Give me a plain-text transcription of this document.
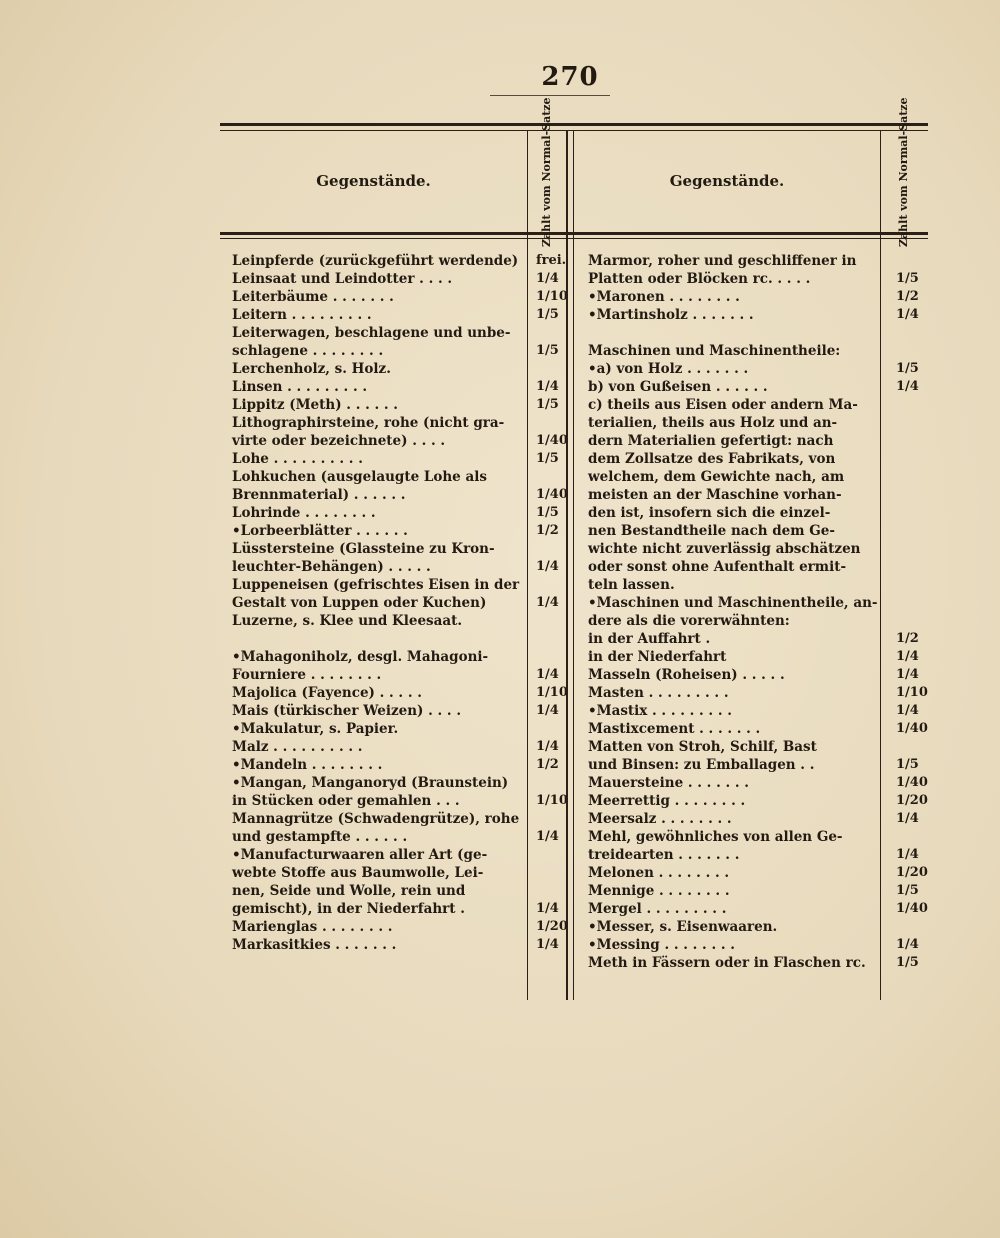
270
Gegenstände.	Zahlt vom Normal-Satze	Gegenstände.	Zahlt vom Normal-Satze
Leinpferde (zurückgeführt werdende) frei.
Leinsaat und Leindotter . . . .	1/4
Leiterbäume . . . . . . .	1/10
Leitern . . . . . . . . .	1/5
Leiterwagen, beschlagene und unbe-
schlagene . . . . . . . .	1/5
Lerchenholz, s. Holz.
Linsen . . . . . . . . .	1/4
Lippitz (Meth) . . . . . .	1/5
Lithographirsteine, rohe (nicht gra-
virte oder bezeichnete) . . . .	1/40
Lohe . . . . . . . . . .	1/5
Lohkuchen (ausgelaugte Lohe als
Brennmaterial) . . . . . .	1/40
Lohrinde . . . . . . . .	1/5
•Lorbeerblätter . . . . . .	1/2
Lüsstersteine (Glassteine zu Kron-
leuchter-Behängen) . . . . .	1/4
Luppeneisen (gefrischtes Eisen in der
Gestalt von Luppen oder Kuchen)	1/4
Luzerne, s. Klee und Kleesaat.
•Mahagoniholz, desgl. Mahagoni-
Fourniere . . . . . . . .	1/4
Majolica (Fayence) . . . . .	1/10
Mais (türkischer Weizen) . . . .	1/4
•Makulatur, s. Papier.
Malz . . . . . . . . . .	1/4
•Mandeln . . . . . . . .	1/2
•Mangan, Manganoryd (Braunstein)
in Stücken oder gemahlen . . .	1/10
Mannagrütze (Schwadengrütze), rohe
und gestampfte . . . . . .	1/4
•Manufacturwaaren aller Art (ge-
webte Stoffe aus Baumwolle, Lei-
nen, Seide und Wolle, rein und
gemischt), in der Niederfahrt .	1/4
Marienglas . . . . . . . .	1/20
Markasitkies . . . . . . .	1/4
Marmor, roher und geschliffener in
Platten oder Blöcken rc. . . . .	1/5
•Maronen . . . . . . . .	1/2
•Martinsholz . . . . . . .	1/4
Maschinen und Maschinentheile:
•a) von Holz . . . . . . .	1/5
b) von Gußeisen . . . . . .	1/4
c) theils aus Eisen oder andern Ma-
terialien, theils aus Holz und an-
dern Materialien gefertigt: nach
dem Zollsatze des Fabrikats, von
welchem, dem Gewichte nach, am
meisten an der Maschine vorhan-
den ist, insofern sich die einzel-
nen Bestandtheile nach dem Ge-
wichte nicht zuverlässig abschätzen
oder sonst ohne Aufenthalt ermit-
teln lassen.
•Maschinen und Maschinentheile, an-
dere als die vorerwähnten:
in der Auffahrt .	1/2
in der Niederfahrt	1/4
Masseln (Roheisen) . . . . .	1/4
Masten . . . . . . . . .	1/10
•Mastix . . . . . . . . .	1/4
Mastixcement . . . . . . .	1/40
Matten von Stroh, Schilf, Bast
und Binsen: zu Emballagen . .	1/5
Mauersteine . . . . . . .	1/40
Meerrettig . . . . . . . .	1/20
Meersalz . . . . . . . .	1/4
Mehl, gewöhnliches von allen Ge-
treidearten . . . . . . .	1/4
Melonen . . . . . . . .	1/20
Mennige . . . . . . . .	1/5
Mergel . . . . . . . . .	1/40
•Messer, s. Eisenwaaren.
•Messing . . . . . . . .	1/4
Meth in Fässern oder in Flaschen rc. 1/5
